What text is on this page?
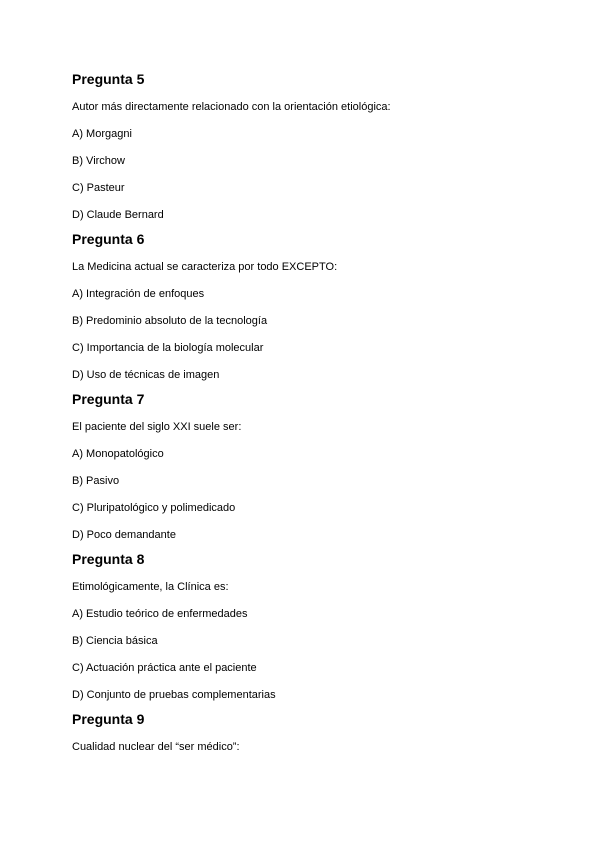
Pregunta 5
Autor más directamente relacionado con la orientación etiológica:
A) Morgagni
B) Virchow
C) Pasteur
D) Claude Bernard
Pregunta 6
La Medicina actual se caracteriza por todo EXCEPTO:
A) Integración de enfoques
B) Predominio absoluto de la tecnología
C) Importancia de la biología molecular
D) Uso de técnicas de imagen
Pregunta 7
El paciente del siglo XXI suele ser:
A) Monopatológico
B) Pasivo
C) Pluripatológico y polimedicado
D) Poco demandante
Pregunta 8
Etimológicamente, la Clínica es:
A) Estudio teórico de enfermedades
B) Ciencia básica
C) Actuación práctica ante el paciente
D) Conjunto de pruebas complementarias
Pregunta 9
Cualidad nuclear del “ser médico”:
